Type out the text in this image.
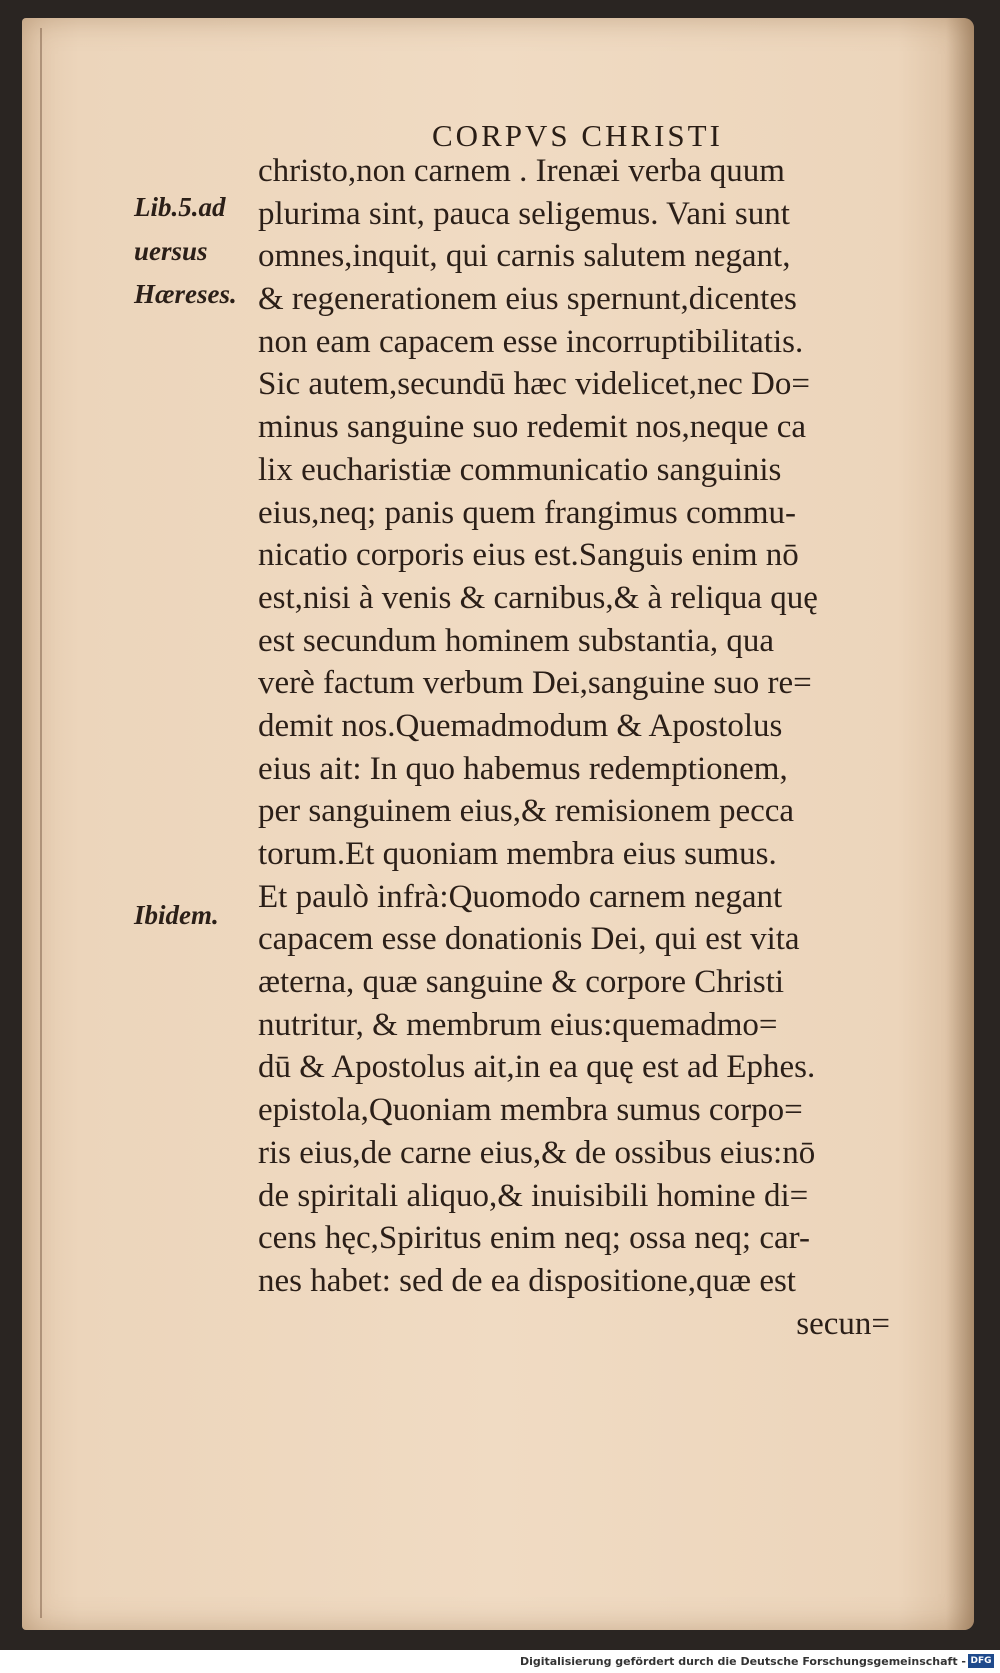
CORPVS CHRISTI
Lib.5.ad
uersus
Hæreses.
Ibidem.
christo,non carnem . Irenæi verba quum
plurima sint, pauca seligemus. Vani sunt
omnes,inquit, qui carnis salutem negant,
& regenerationem eius spernunt,dicentes
non eam capacem esse incorruptibilitatis.
Sic autem,secundū hæc videlicet,nec Do=
minus sanguine suo redemit nos,neque ca
lix eucharistiæ communicatio sanguinis
eius,neq; panis quem frangimus commu-
nicatio corporis eius est.Sanguis enim nō
est,nisi à venis & carnibus,& à reliqua quę
est secundum hominem substantia, qua
verè factum verbum Dei,sanguine suo re=
demit nos.Quemadmodum & Apostolus
eius ait: In quo habemus redemptionem,
per sanguinem eius,& remisionem pecca
torum.Et quoniam membra eius sumus.
Et paulò infrà:Quomodo carnem negant
capacem esse donationis Dei, qui est vita
æterna, quæ sanguine & corpore Christi
nutritur, & membrum eius:quemadmo=
dū & Apostolus ait,in ea quę est ad Ephes.
epistola,Quoniam membra sumus corpo=
ris eius,de carne eius,& de ossibus eius:nō
de spiritali aliquo,& inuisibili homine di=
cens hęc,Spiritus enim neq; ossa neq; car-
nes habet: sed de ea dispositione,quæ est
secun=
Digitalisierung gefördert durch die Deutsche Forschungsgemeinschaft - DFG
